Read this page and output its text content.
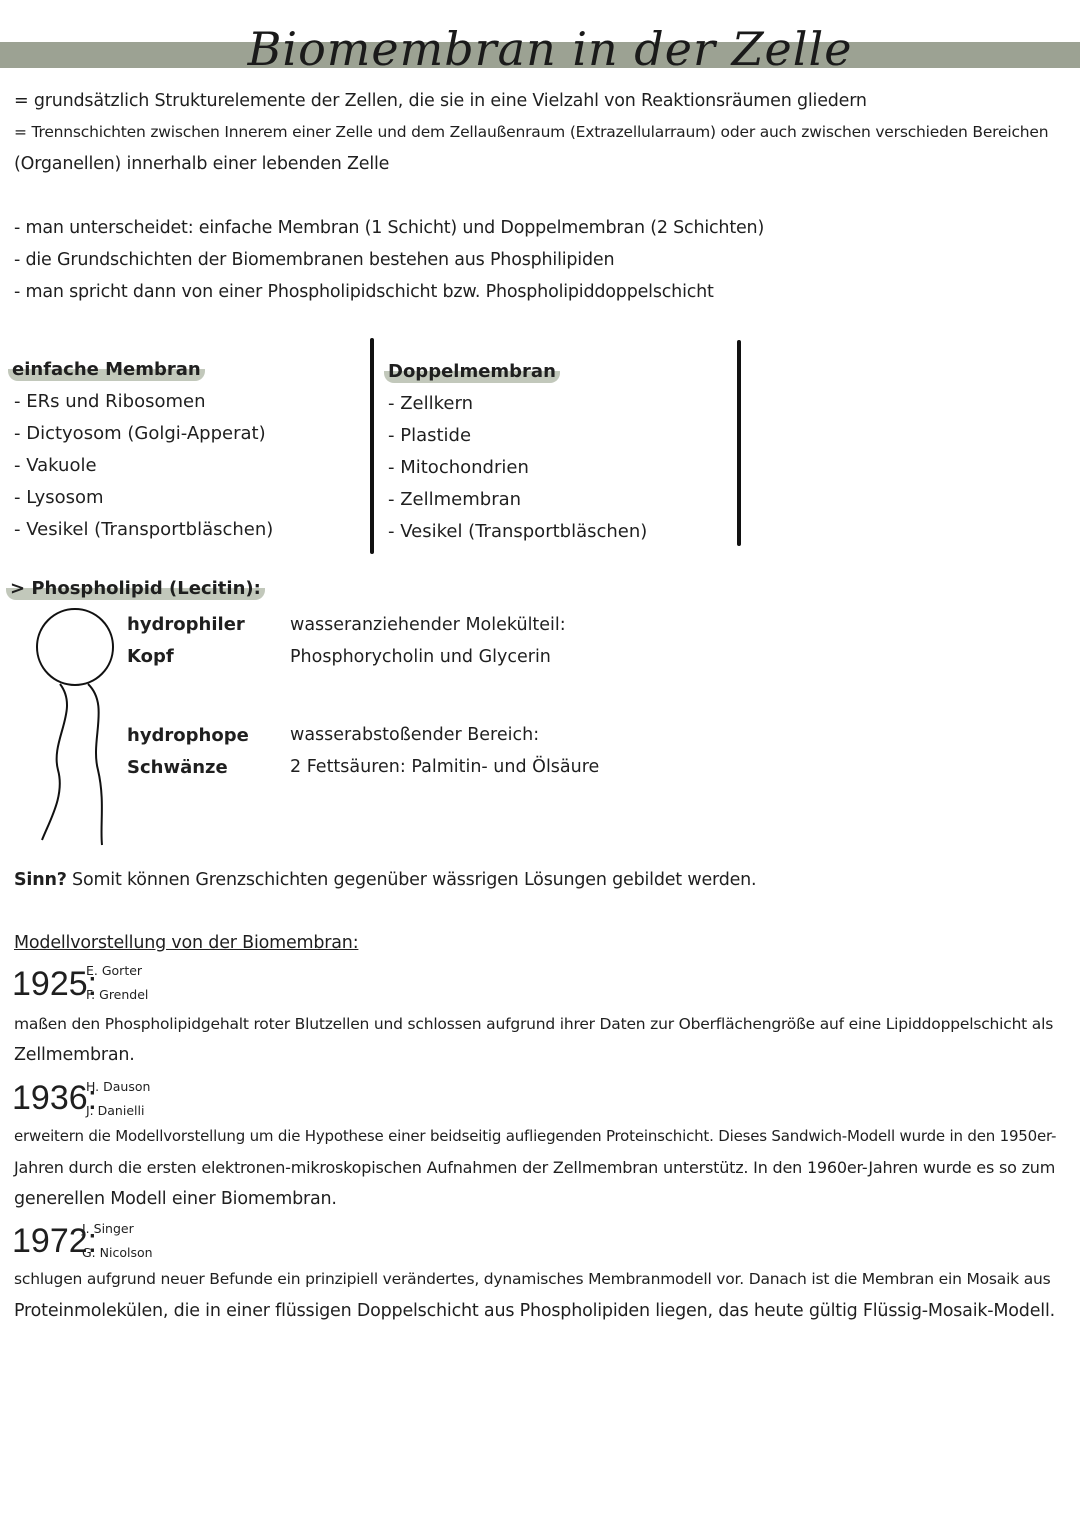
Biomembran in der Zelle
= grundsätzlich Strukturelemente der Zellen, die sie in eine Vielzahl von Reaktionsräumen gliedern
= Trennschichten zwischen Innerem einer Zelle und dem Zellaußenraum (Extrazellularraum) oder auch zwischen verschieden Bereichen
(Organellen) innerhalb einer lebenden Zelle
- man unterscheidet: einfache Membran (1 Schicht) und Doppelmembran (2 Schichten)
- die Grundschichten der Biomembranen bestehen aus Phosphilipiden
- man spricht dann von einer Phospholipidschicht bzw. Phospholipiddoppelschicht
einfache Membran
- ERs und Ribosomen
- Dictyosom (Golgi-Apperat)
- Vakuole
- Lysosom
- Vesikel (Transportbläschen)
Doppelmembran
- Zellkern
- Plastide
- Mitochondrien
- Zellmembran
- Vesikel (Transportbläschen)
> Phospholipid (Lecitin):
hydrophiler
Kopf
wasseranziehender Molekülteil:
Phosphorycholin und Glycerin
hydrophope
Schwänze
wasserabstoßender Bereich:
2 Fettsäuren: Palmitin- und Ölsäure
Sinn? Somit können Grenzschichten gegenüber wässrigen Lösungen gebildet werden.
Modellvorstellung von der Biomembran:
1925:
E. Gorter
F. Grendel
maßen den Phospholipidgehalt roter Blutzellen und schlossen aufgrund ihrer Daten zur Oberflächengröße auf eine Lipiddoppelschicht als
Zellmembran.
1936:
H. Dauson
J. Danielli
erweitern die Modellvorstellung um die Hypothese einer beidseitig aufliegenden Proteinschicht. Dieses Sandwich-Modell wurde in den 1950er-
Jahren durch die ersten elektronen-mikroskopischen Aufnahmen der Zellmembran unterstütz. In den 1960er-Jahren wurde es so zum
generellen Modell einer Biomembran.
1972:
J. Singer
G. Nicolson
schlugen aufgrund neuer Befunde ein prinzipiell verändertes, dynamisches Membranmodell vor. Danach ist die Membran ein Mosaik aus
Proteinmolekülen, die in einer flüssigen Doppelschicht aus Phospholipiden liegen, das heute gültig Flüssig-Mosaik-Modell.
